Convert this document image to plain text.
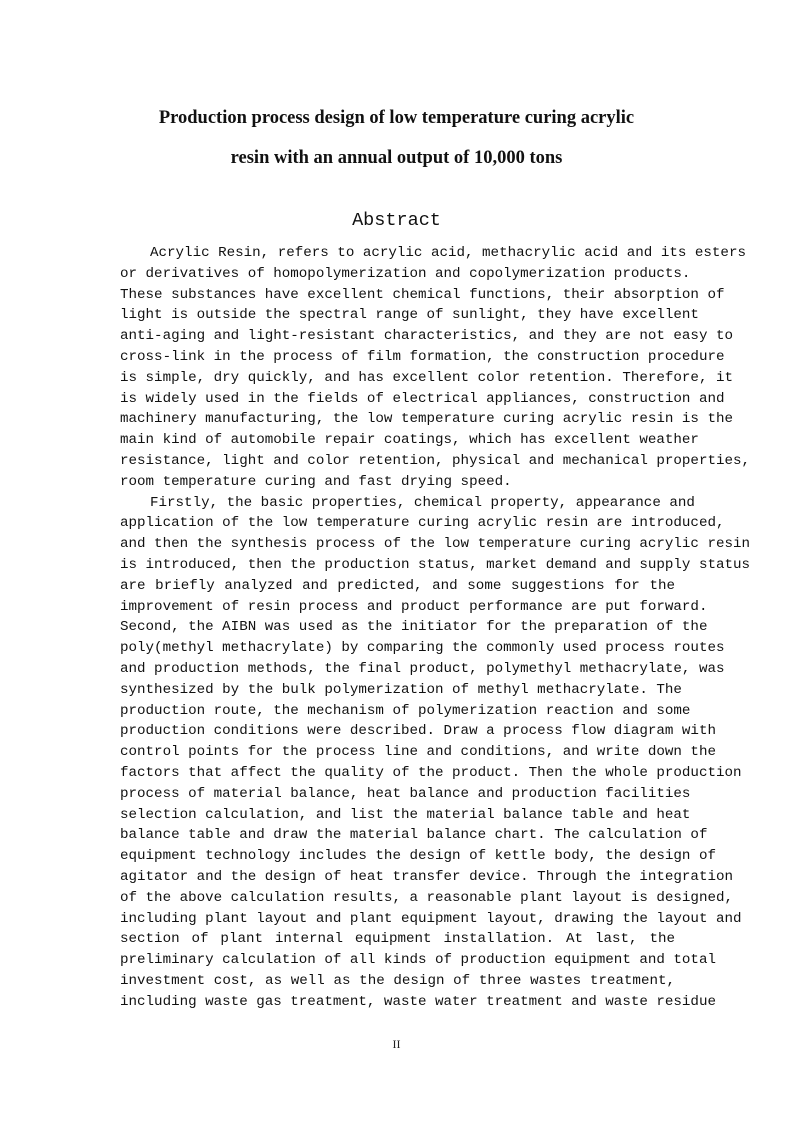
Production process design of low temperature curing acrylic
resin with an annual output of 10,000 tons
Abstract
Acrylic Resin, refers to acrylic acid, methacrylic acid and its esters
or derivatives of homopolymerization and copolymerization products.
These substances have excellent chemical functions, their absorption of
light is outside the spectral range of sunlight, they have excellent
anti-aging and light-resistant characteristics, and they are not easy to
cross-link in the process of film formation, the construction procedure
is simple, dry quickly, and has excellent color retention. Therefore, it
is widely used in the fields of electrical appliances, construction and
machinery manufacturing, the low temperature curing acrylic resin is the
main kind of automobile repair coatings, which has excellent weather
resistance, light and color retention, physical and mechanical properties,
room temperature curing and fast drying speed.
Firstly, the basic properties, chemical property, appearance and
application of the low temperature curing acrylic resin are introduced,
and then the synthesis process of the low temperature curing acrylic resin
is introduced, then the production status, market demand and supply status
are briefly analyzed and predicted, and some suggestions for the
improvement of resin process and product performance are put forward.
Second, the AIBN was used as the initiator for the preparation of the
poly(methyl methacrylate) by comparing the commonly used process routes
and production methods, the final product, polymethyl methacrylate, was
synthesized by the bulk polymerization of methyl methacrylate. The
production route, the mechanism of polymerization reaction and some
production conditions were described. Draw a process flow diagram with
control points for the process line and conditions, and write down the
factors that affect the quality of the product. Then the whole production
process of material balance, heat balance and production facilities
selection calculation, and list the material balance table and heat
balance table and draw the material balance chart. The calculation of
equipment technology includes the design of kettle body, the design of
agitator and the design of heat transfer device. Through the integration
of the above calculation results, a reasonable plant layout is designed,
including plant layout and plant equipment layout, drawing the layout and
section of plant internal equipment installation. At last, the
preliminary calculation of all kinds of production equipment and total
investment cost, as well as the design of three wastes treatment,
including waste gas treatment, waste water treatment and waste residue
II
